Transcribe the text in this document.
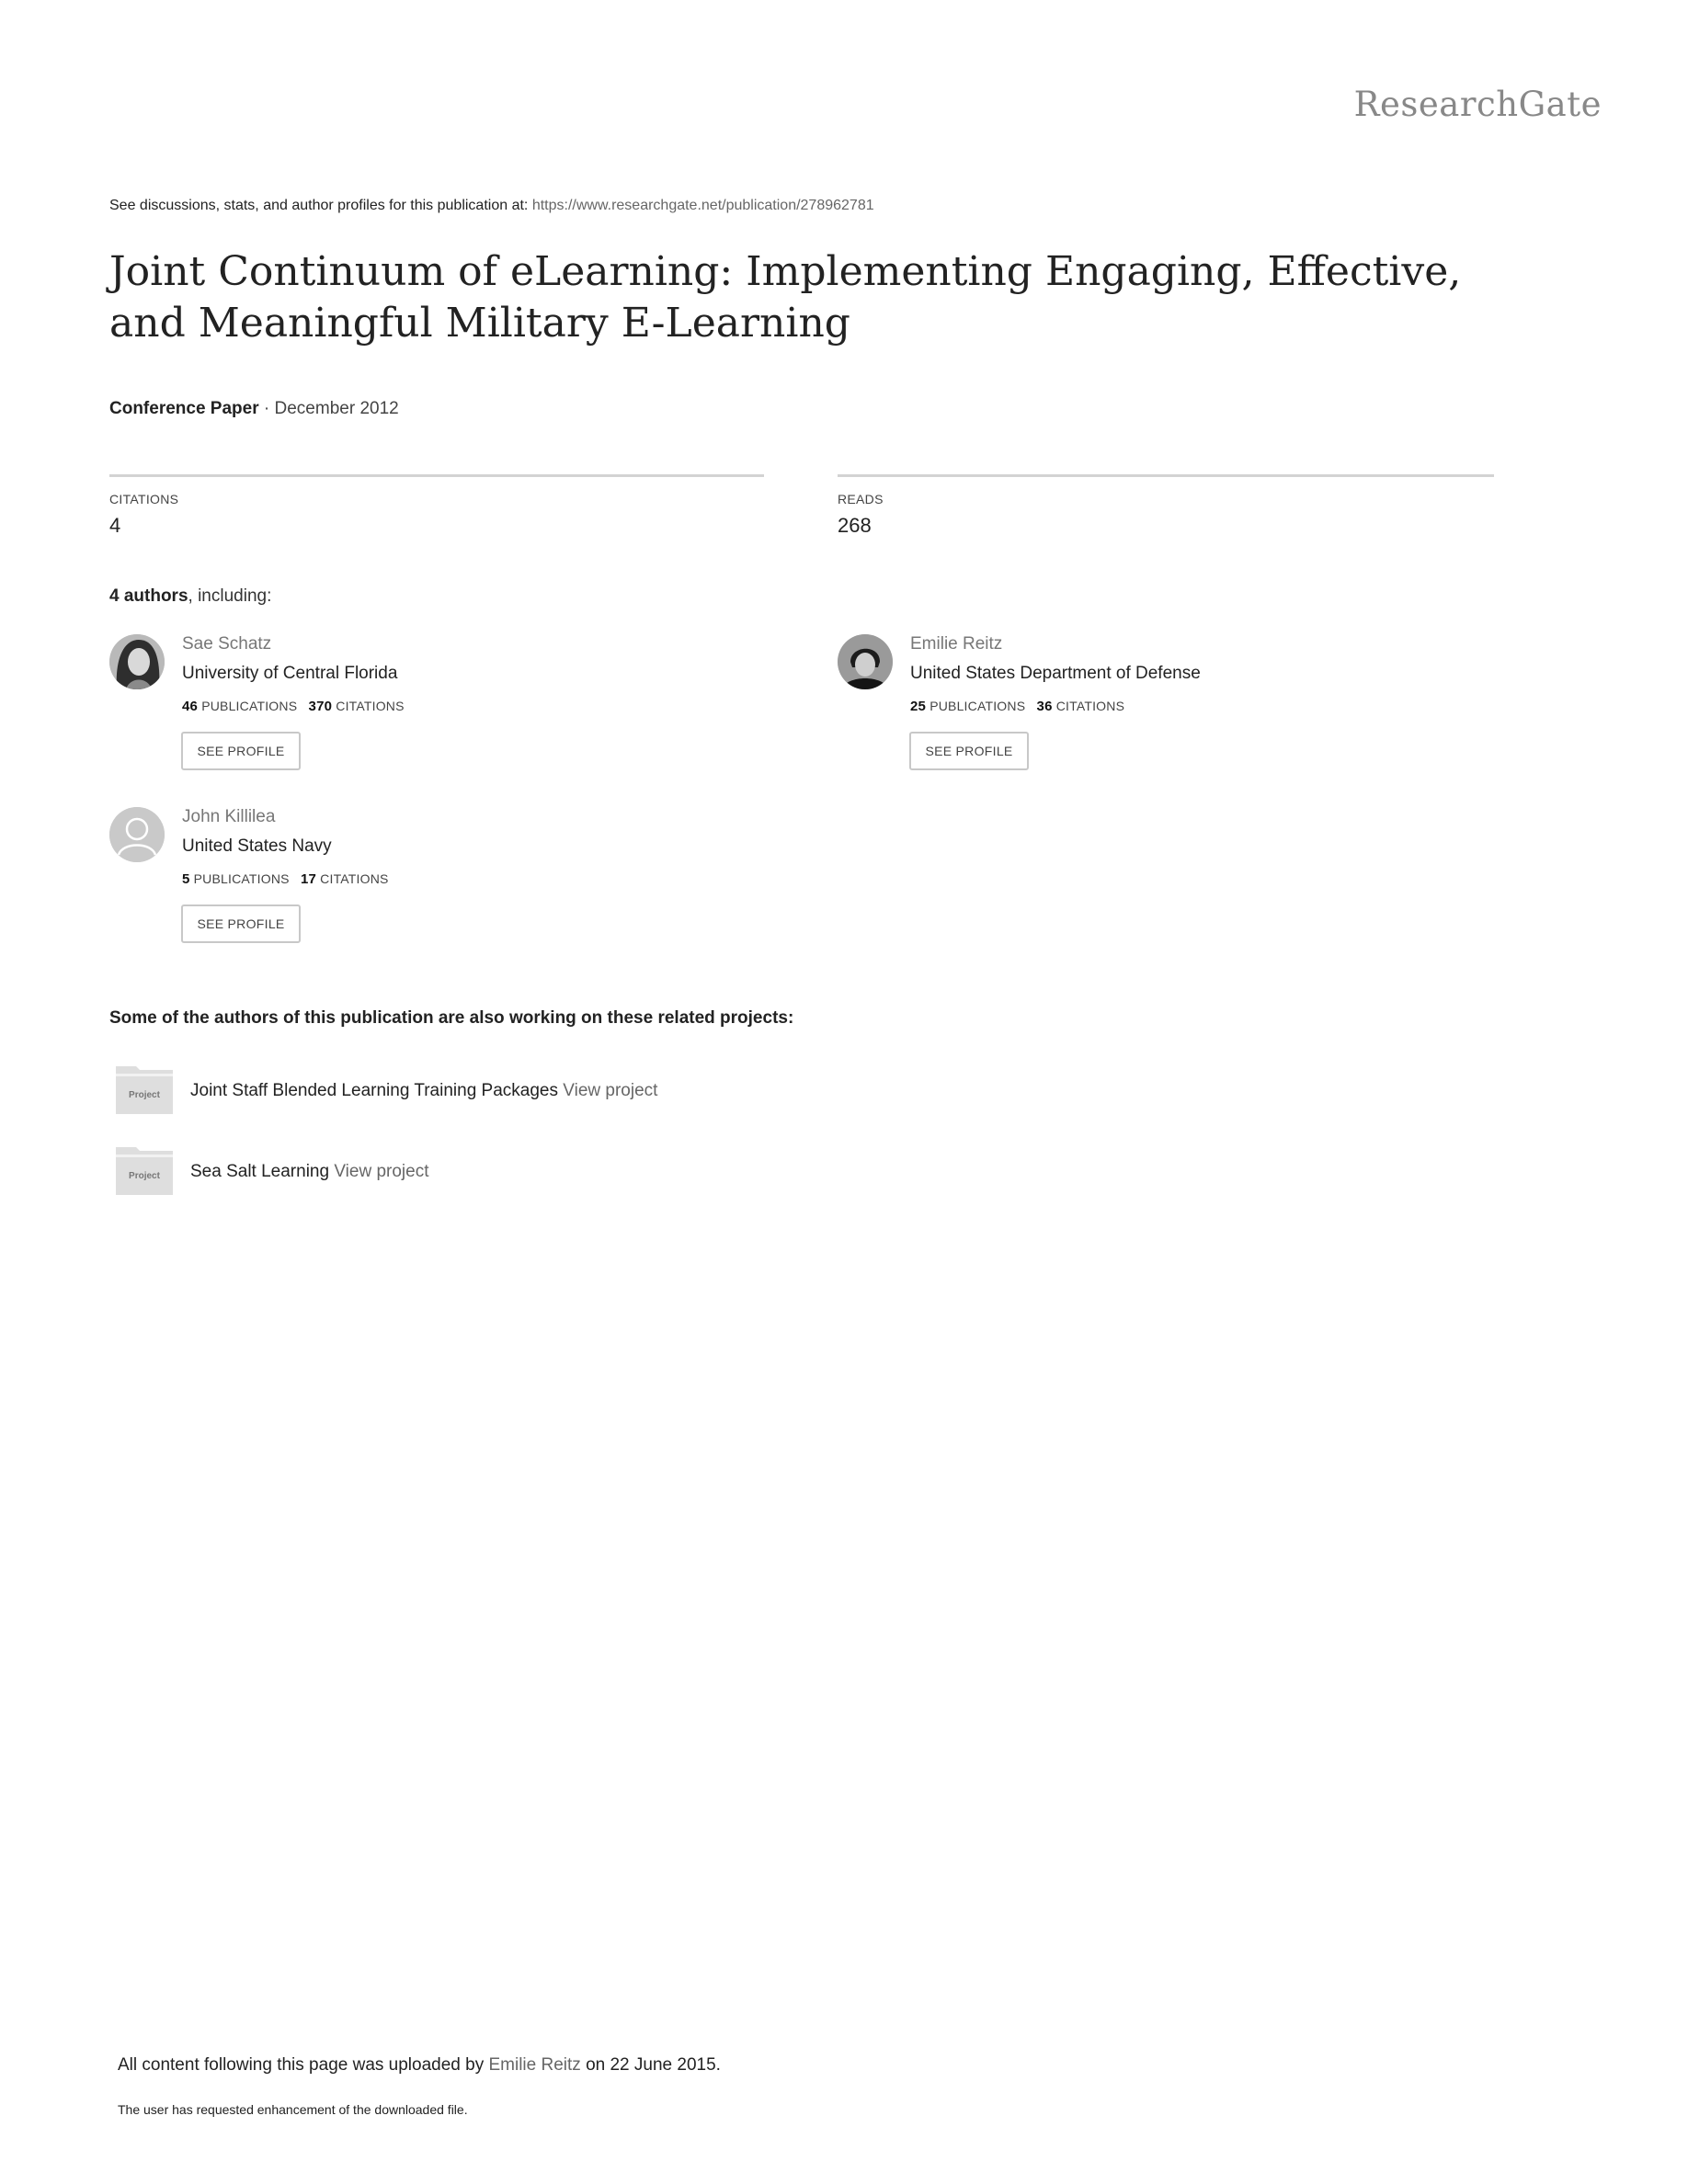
ResearchGate
See discussions, stats, and author profiles for this publication at: https://www.researchgate.net/publication/278962781
Joint Continuum of eLearning: Implementing Engaging, Effective, and Meaningful Military E-Learning
Conference Paper · December 2012
CITATIONS
4
READS
268
4 authors, including:
Sae Schatz
University of Central Florida
46 PUBLICATIONS 370 CITATIONS
SEE PROFILE
Emilie Reitz
United States Department of Defense
25 PUBLICATIONS 36 CITATIONS
SEE PROFILE
John Killilea
United States Navy
5 PUBLICATIONS 17 CITATIONS
SEE PROFILE
Some of the authors of this publication are also working on these related projects:
Project Joint Staff Blended Learning Training Packages View project
Project Sea Salt Learning View project
All content following this page was uploaded by Emilie Reitz on 22 June 2015.
The user has requested enhancement of the downloaded file.
